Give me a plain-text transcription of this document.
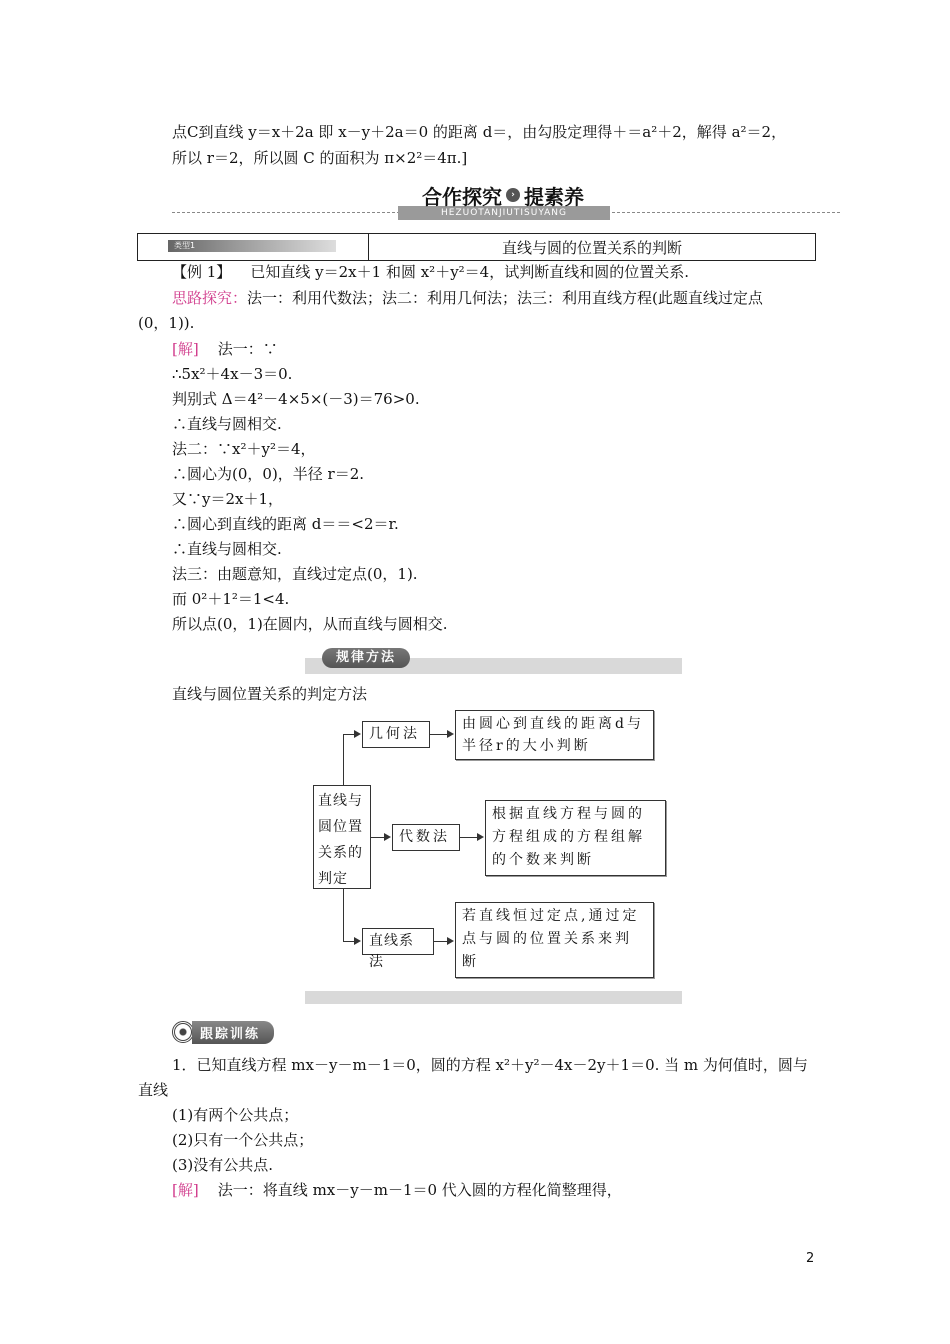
点C到直线 y＝x＋2a 即 x－y＋2a＝0 的距离 d＝，由勾股定理得＋＝a²＋2，解得 a²＝2，
所以 r＝2，所以圆 C 的面积为 π×2²＝4π.]
HEZUOTANJIUTISUYANG
合作探究	› 提素养
类型1	直线与圆的位置关系的判断
【例 1】 已知直线 y＝2x＋1 和圆 x²＋y²＝4，试判断直线和圆的位置关系.
思路探究：法一：利用代数法；法二：利用几何法；法三：利用直线方程(此题直线过定点
(0，1)).
[解] 法一：∵
∴5x²＋4x－3＝0.
判别式 Δ＝4²－4×5×(－3)＝76>0.
∴直线与圆相交.
法二：∵x²＋y²＝4，
∴圆心为(0，0)，半径 r＝2.
又∵y＝2x＋1，
∴圆心到直线的距离 d＝＝<2＝r.
∴直线与圆相交.
法三：由题意知，直线过定点(0，1).
而 0²＋1²＝1<4.
所以点(0，1)在圆内，从而直线与圆相交.
规律方法
直线与圆位置关系的判定方法
直线与
圆位置
关系的
判定
几何法
由圆心到直线的距离d与
半径r的大小判断
代数法
根据直线方程与圆的
方程组成的方程组解
的个数来判断
直线系法
若直线恒过定点,通过定
点与圆的位置关系来判
断
跟踪训练
1．已知直线方程 mx－y－m－1＝0，圆的方程 x²＋y²－4x－2y＋1＝0. 当 m 为何值时，圆与
直线
(1)有两个公共点；
(2)只有一个公共点；
(3)没有公共点.
[解] 法一：将直线 mx－y－m－1＝0 代入圆的方程化简整理得，
2
